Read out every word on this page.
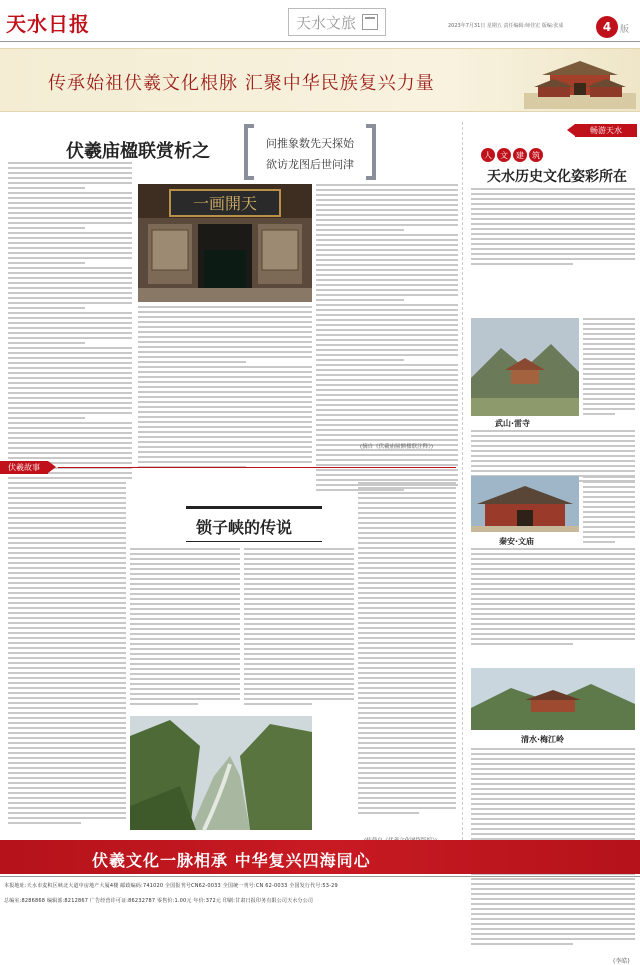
天水日报	天水文旅	2023年7月31日 星期五 责任编辑:师佳宏 版编:张成	4 版
传承始祖伏羲文化根脉 汇聚中华民族复兴力量
伏羲庙楹联赏析之	问推象数先天探始
欲访龙图后世问津
一画開天
(摘自《伏羲庙匾额楹联注释》)
畅游天水
人	文	建	筑
天水历史文化姿彩所在
武山·雷寺
秦安·文庙
清水·梅江岭
(李皓)
伏羲故事
锁子峡的传说
伏羲文化一脉相承 中华复兴四海同心
本报地址:天水市麦积区峡北大道中房地产大厦4楼 邮政编码:741020 全国报刊号CN62-0033 全国统一刊号:CN 62-0033 全国发行代号:53-29
总编室:8286868 编辑部:8212867 广告经营许可证:86232787 零售价:1.00元 年价:372元 印刷:甘肃日报印务有限公司天水分公司
